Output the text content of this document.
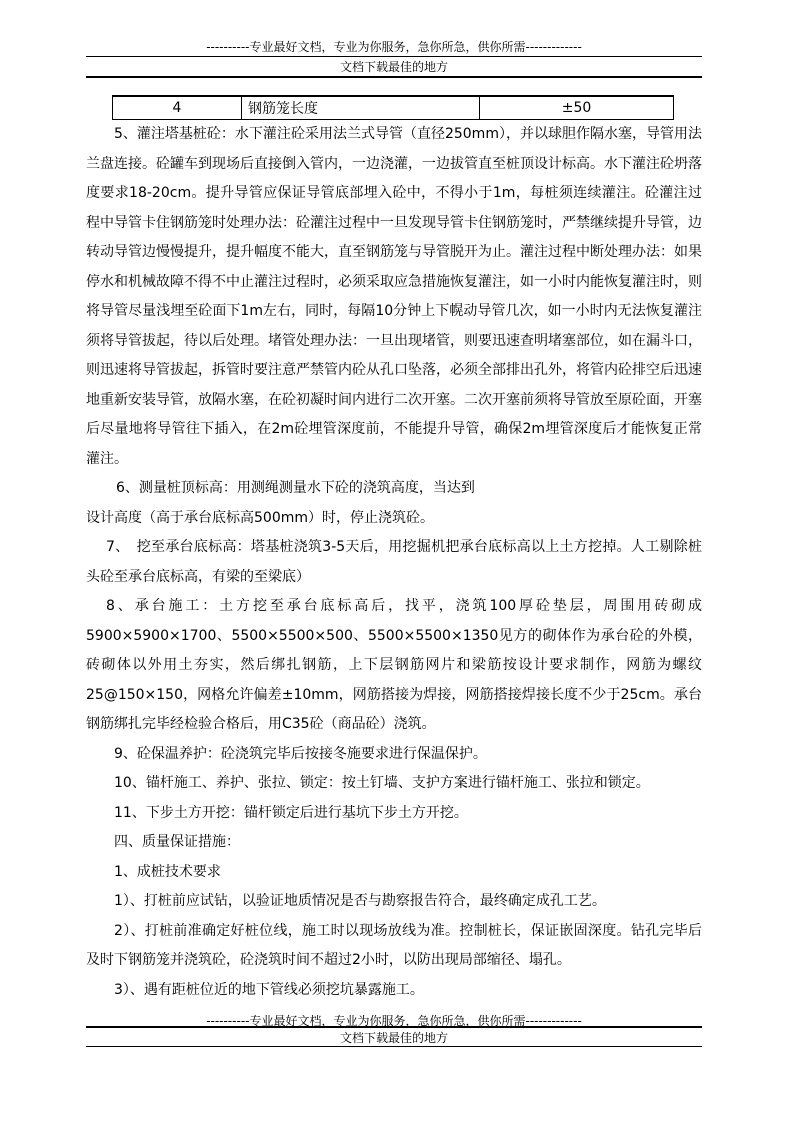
----------专业最好文档，专业为你服务，急你所急，供你所需-------------
文档下载最佳的地方
4	钢筋笼长度	±50

5、灌注塔基桩砼：水下灌注砼采用法兰式导管（直径250mm），并以球胆作隔水塞，导管用法兰盘连接。砼罐车到现场后直接倒入管内，一边浇灌，一边拔管直至桩顶设计标高。水下灌注砼坍落度要求18-20cm。提升导管应保证导管底部埋入砼中，不得小于1m，每桩须连续灌注。砼灌注过程中导管卡住钢筋笼时处理办法：砼灌注过程中一旦发现导管卡住钢筋笼时，严禁继续提升导管，边转动导管边慢慢提升，提升幅度不能大，直至钢筋笼与导管脱开为止。灌注过程中断处理办法：如果停水和机械故障不得不中止灌注过程时，必须采取应急措施恢复灌注，如一小时内能恢复灌注时，则将导管尽量浅埋至砼面下1m左右，同时，每隔10分钟上下幌动导管几次，如一小时内无法恢复灌注须将导管拔起，待以后处理。堵管处理办法：一旦出现堵管，则要迅速查明堵塞部位，如在漏斗口，则迅速将导管拔起，拆管时要注意严禁管内砼从孔口坠落，必须全部排出孔外，将管内砼排空后迅速地重新安装导管，放隔水塞，在砼初凝时间内进行二次开塞。二次开塞前须将导管放至原砼面，开塞后尽量地将导管往下插入，在2m砼埋管深度前，不能提升导管，确保2m埋管深度后才能恢复正常灌注。

6、测量桩顶标高：用测绳测量水下砼的浇筑高度，当达到

设计高度（高于承台底标高500mm）时，停止浇筑砼。

7、　挖至承台底标高：塔基桩浇筑3-5天后，用挖掘机把承台底标高以上土方挖掉。人工剔除桩头砼至承台底标高，有梁的至梁底）

8、承台施工：土方挖至承台底标高后，找平，浇筑100厚砼垫层，周围用砖砌成5900×5900×1700、5500×5500×500、5500×5500×1350见方的砌体作为承台砼的外模，砖砌体以外用土夯实，然后绑扎钢筋，上下层钢筋网片和梁筋按设计要求制作，网筋为螺纹25@150×150，网格允许偏差±10mm，网筋搭接为焊接，网筋搭接焊接长度不少于25cm。承台钢筋绑扎完毕经检验合格后，用C35砼（商品砼）浇筑。

9、砼保温养护：砼浇筑完毕后按接冬施要求进行保温保护。

10、锚杆施工、养护、张拉、锁定：按土钉墙、支护方案进行锚杆施工、张拉和锁定。

11、下步土方开挖：锚杆锁定后进行基坑下步土方开挖。

四、质量保证措施：

1、成桩技术要求

1）、打桩前应试钻，以验证地质情况是否与勘察报告符合，最终确定成孔工艺。

2）、打桩前准确定好桩位线，施工时以现场放线为准。控制桩长，保证嵌固深度。钻孔完毕后及时下钢筋笼并浇筑砼，砼浇筑时间不超过2小时，以防出现局部缩径、塌孔。

3）、遇有距桩位近的地下管线必须挖坑暴露施工。

----------专业最好文档，专业为你服务，急你所急，供你所需-------------
文档下载最佳的地方
